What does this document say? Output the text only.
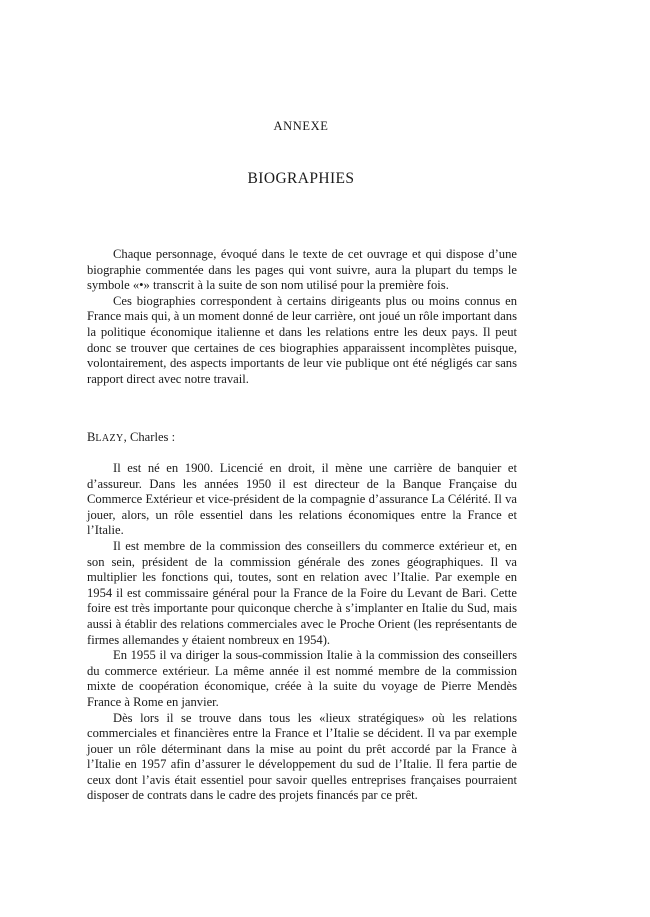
ANNEXE
BIOGRAPHIES

Chaque personnage, évoqué dans le texte de cet ouvrage et qui dispose d’une biographie commentée dans les pages qui vont suivre, aura la plupart du temps le symbole «•» transcrit à la suite de son nom utilisé pour la première fois.

Ces biographies correspondent à certains dirigeants plus ou moins connus en France mais qui, à un moment donné de leur carrière, ont joué un rôle important dans la politique économique italienne et dans les relations entre les deux pays. Il peut donc se trouver que certaines de ces biographies apparaissent incomplètes puisque, volontairement, des aspects importants de leur vie publique ont été négligés car sans rapport direct avec notre travail.

BLAZY, Charles :

Il est né en 1900. Licencié en droit, il mène une carrière de banquier et d’assureur. Dans les années 1950 il est directeur de la Banque Française du Commerce Extérieur et vice-président de la compagnie d’assurance La Célérité. Il va jouer, alors, un rôle essentiel dans les relations économiques entre la France et l’Italie.

Il est membre de la commission des conseillers du commerce extérieur et, en son sein, président de la commission générale des zones géographiques. Il va multiplier les fonctions qui, toutes, sont en relation avec l’Italie. Par exemple en 1954 il est commissaire général pour la France de la Foire du Levant de Bari. Cette foire est très importante pour quiconque cherche à s’implanter en Italie du Sud, mais aussi à établir des relations commerciales avec le Proche Orient (les représentants de firmes allemandes y étaient nombreux en 1954).

En 1955 il va diriger la sous-commission Italie à la commission des conseillers du commerce extérieur. La même année il est nommé membre de la commission mixte de coopération économique, créée à la suite du voyage de Pierre Mendès France à Rome en janvier.

Dès lors il se trouve dans tous les «lieux stratégiques» où les relations commerciales et financières entre la France et l’Italie se décident. Il va par exemple jouer un rôle déterminant dans la mise au point du prêt accordé par la France à l’Italie en 1957 afin d’assurer le développement du sud de l’Italie. Il fera partie de ceux dont l’avis était essentiel pour savoir quelles entreprises françaises pourraient disposer de contrats dans le cadre des projets financés par ce prêt.
